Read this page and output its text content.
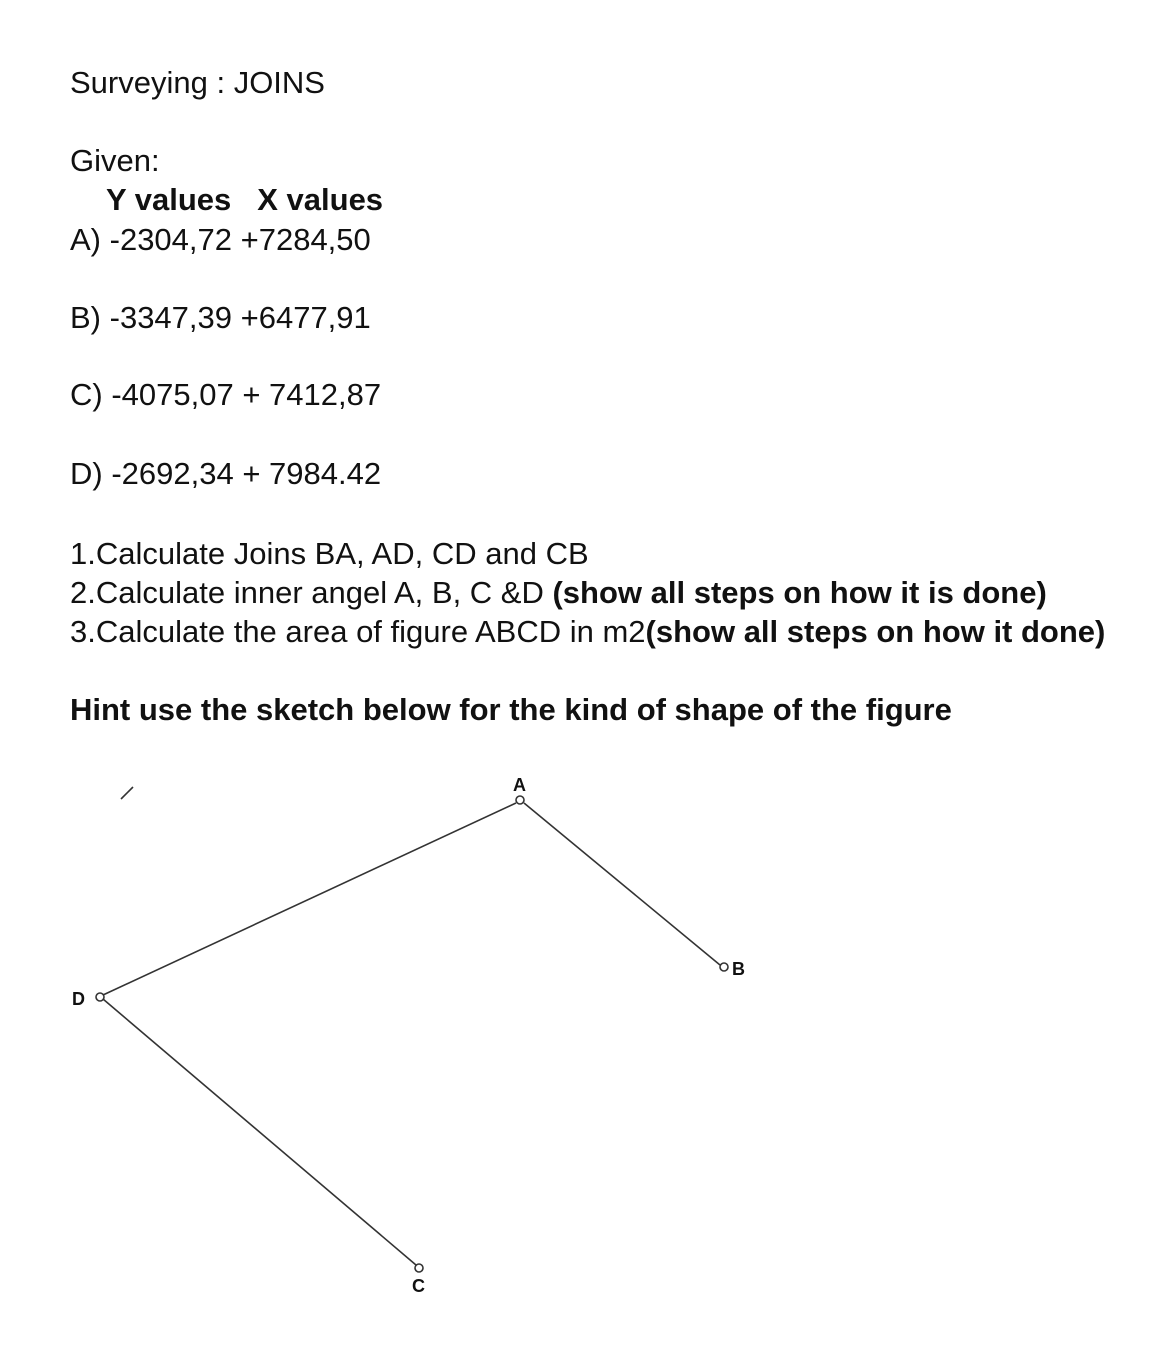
Surveying : JOINS
Given:
Y values X values
A) -2304,72 +7284,50
B) -3347,39 +6477,91
C) -4075,07 + 7412,87
D) -2692,34 + 7984.42
1.Calculate Joins BA, AD, CD and CB
2.Calculate inner angel A, B, C &D (show all steps on how it is done)
3.Calculate the area of figure ABCD in m2(show all steps on how it done)
Hint use the sketch below for the kind of shape of the figure
A
B
C
D
